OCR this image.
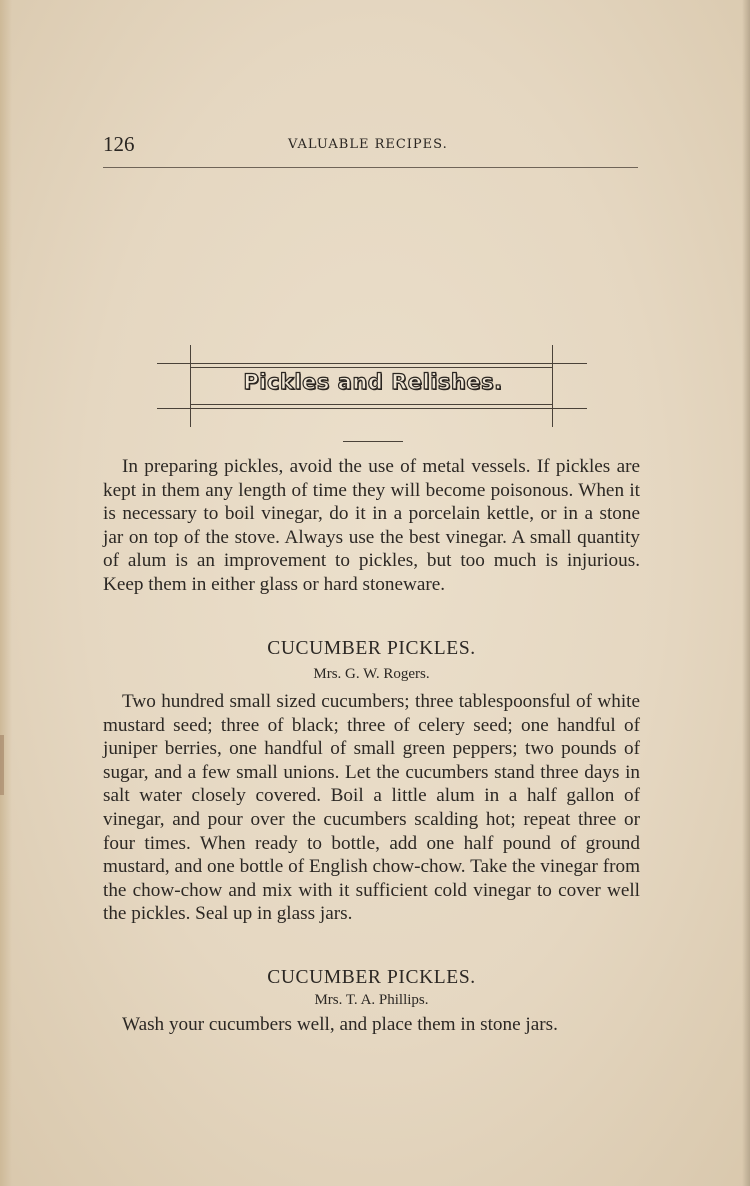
126	VALUABLE RECIPES.
Pickles and Relishes.

In preparing pickles, avoid the use of metal vessels. If pickles are kept in them any length of time they will become poisonous. When it is necessary to boil vinegar, do it in a porcelain kettle, or in a stone jar on top of the stove. Always use the best vinegar. A small quantity of alum is an improvement to pickles, but too much is injurious. Keep them in either glass or hard stoneware.

CUCUMBER PICKLES.

Mrs. G. W. Rogers.

Two hundred small sized cucumbers; three tablespoonsful of white mustard seed; three of black; three of celery seed; one handful of juniper berries, one handful of small green peppers; two pounds of sugar, and a few small unions. Let the cucumbers stand three days in salt water closely covered. Boil a little alum in a half gallon of vinegar, and pour over the cucumbers scalding hot; repeat three or four times. When ready to bottle, add one half pound of ground mustard, and one bottle of English chow-chow. Take the vinegar from the chow-chow and mix with it sufficient cold vinegar to cover well the pickles. Seal up in glass jars.

CUCUMBER PICKLES.

Mrs. T. A. Phillips.

Wash your cucumbers well, and place them in stone jars.
